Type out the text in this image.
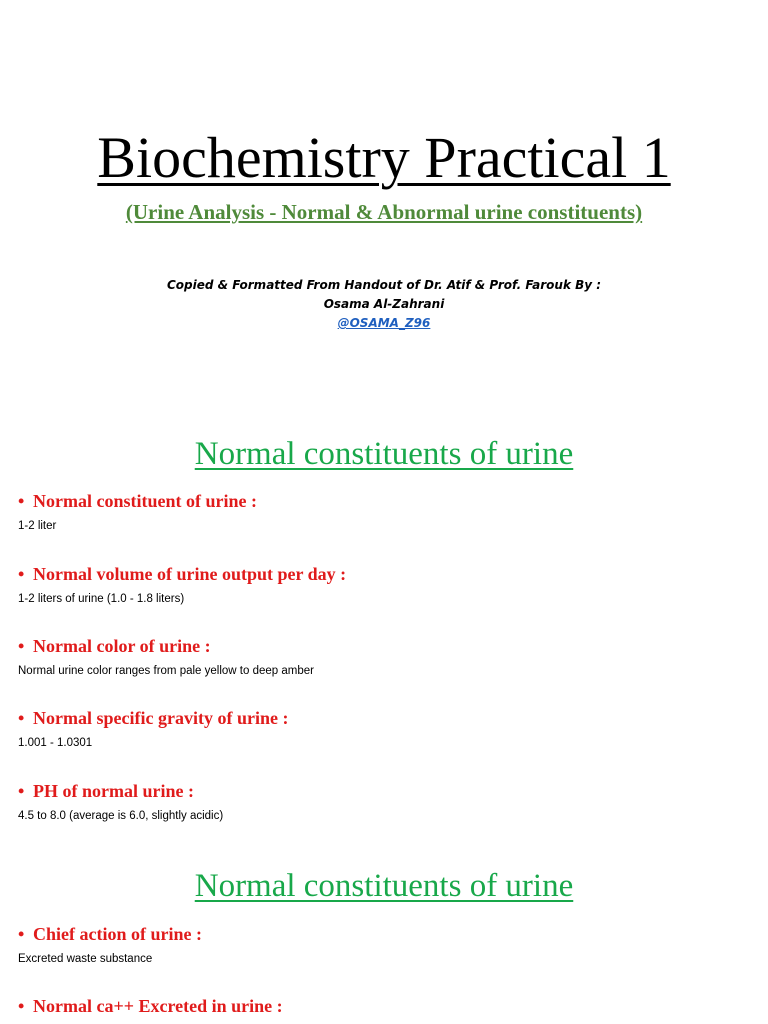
Biochemistry Practical 1
(Urine Analysis - Normal & Abnormal urine constituents)
Copied & Formatted From Handout of Dr. Atif & Prof. Farouk By :
Osama Al-Zahrani
@OSAMA_Z96
Normal constituents of urine
• Normal constituent of urine :
1-2 liter
• Normal volume of urine output per day :
1-2 liters of urine (1.0 - 1.8 liters)
• Normal color of urine :
Normal urine color ranges from pale yellow to deep amber
• Normal specific gravity of urine :
1.001 - 1.0301
• PH of normal urine :
4.5 to 8.0 (average is 6.0, slightly acidic)
Normal constituents of urine
• Chief action of urine :
Excreted waste substance
• Normal ca++ Excreted in urine :
